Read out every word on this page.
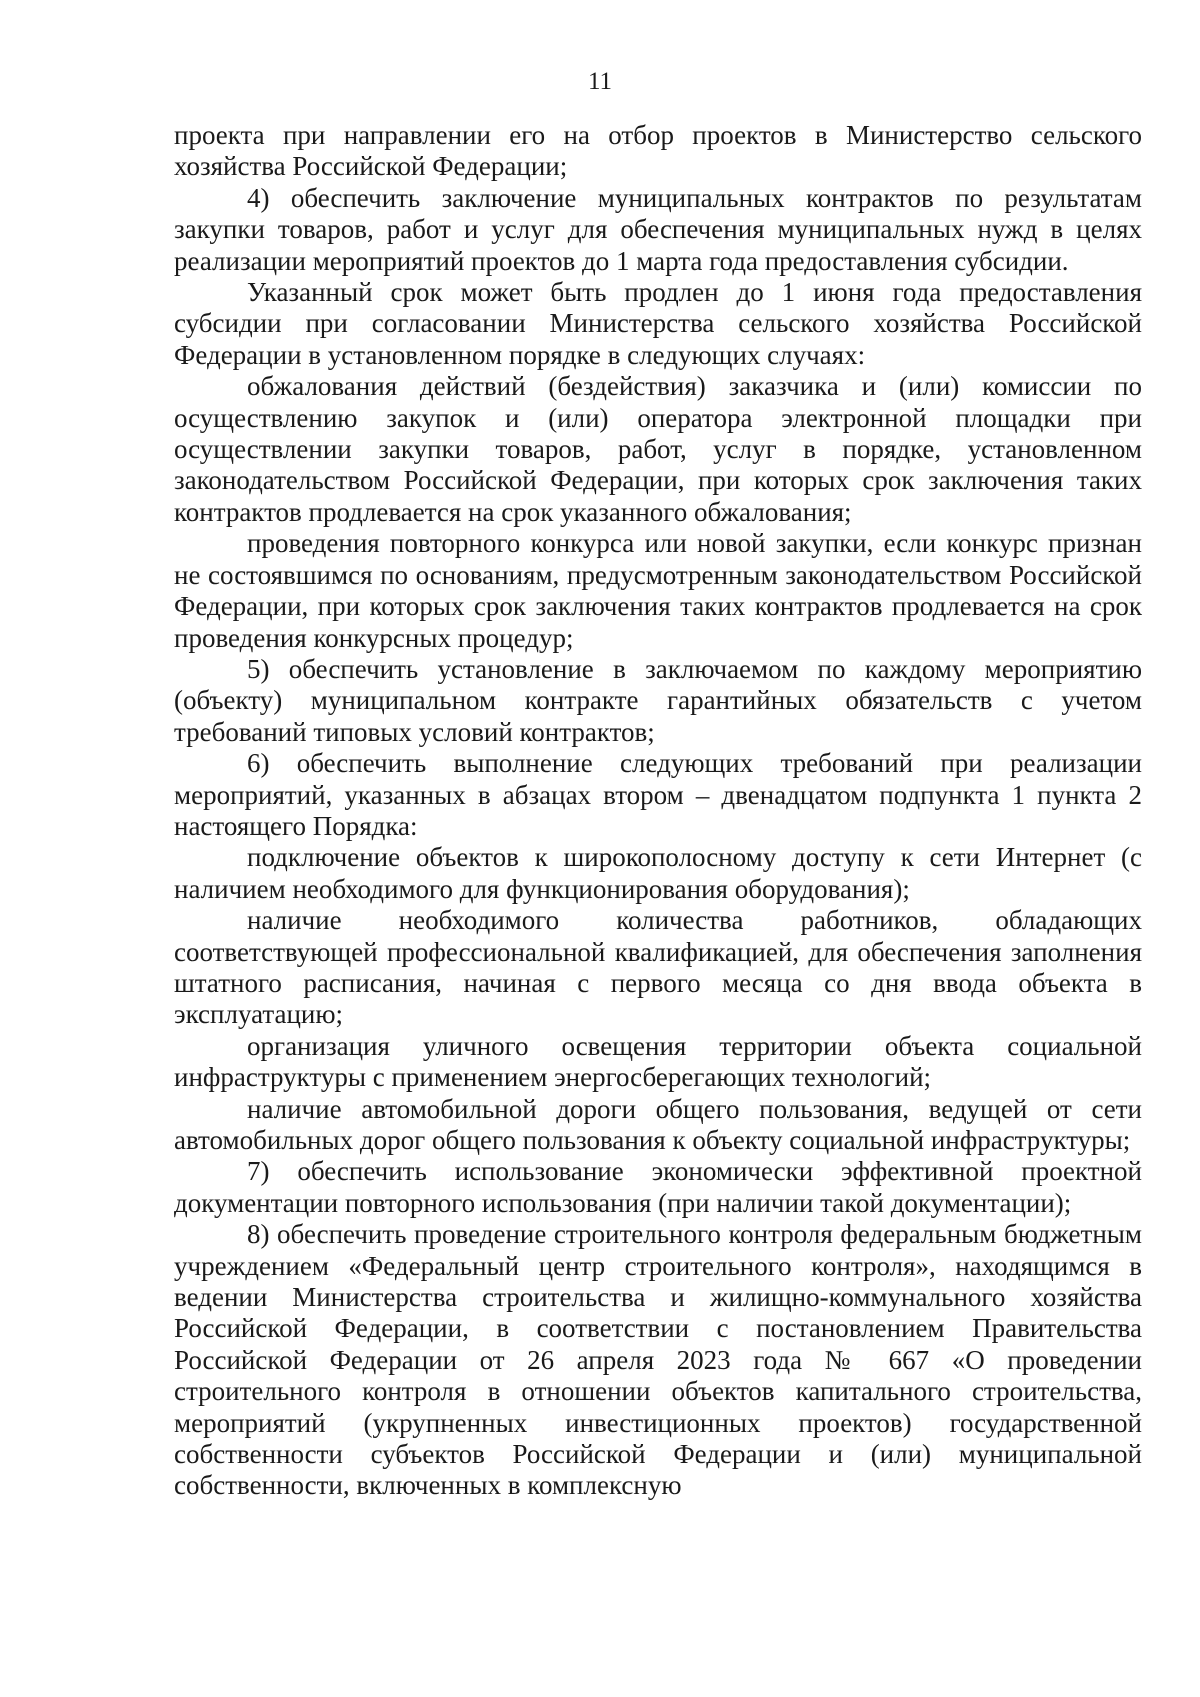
11

проекта при направлении его на отбор проектов в Министерство сельского хозяйства Российской Федерации;

4) обеспечить заключение муниципальных контрактов по результатам закупки товаров, работ и услуг для обеспечения муниципальных нужд в целях реализации мероприятий проектов до 1 марта года предоставления субсидии.

Указанный срок может быть продлен до 1 июня года предоставления субсидии при согласовании Министерства сельского хозяйства Российской Федерации в установленном порядке в следующих случаях:

обжалования действий (бездействия) заказчика и (или) комиссии по осуществлению закупок и (или) оператора электронной площадки при осуществлении закупки товаров, работ, услуг в порядке, установленном законодательством Российской Федерации, при которых срок заключения таких контрактов продлевается на срок указанного обжалования;

проведения повторного конкурса или новой закупки, если конкурс признан не состоявшимся по основаниям, предусмотренным законодательством Российской Федерации, при которых срок заключения таких контрактов продлевается на срок проведения конкурсных процедур;

5) обеспечить установление в заключаемом по каждому мероприятию (объекту) муниципальном контракте гарантийных обязательств с учетом требований типовых условий контрактов;

6) обеспечить выполнение следующих требований при реализации мероприятий, указанных в абзацах втором – двенадцатом подпункта 1 пункта 2 настоящего Порядка:

подключение объектов к широкополосному доступу к сети Интернет (с наличием необходимого для функционирования оборудования);

наличие необходимого количества работников, обладающих соответствующей профессиональной квалификацией, для обеспечения заполнения штатного расписания, начиная с первого месяца со дня ввода объекта в эксплуатацию;

организация уличного освещения территории объекта социальной инфраструктуры с применением энергосберегающих технологий;

наличие автомобильной дороги общего пользования, ведущей от сети автомобильных дорог общего пользования к объекту социальной инфраструктуры;

7) обеспечить использование экономически эффективной проектной документации повторного использования (при наличии такой документации);

8) обеспечить проведение строительного контроля федеральным бюджетным учреждением «Федеральный центр строительного контроля», находящимся в ведении Министерства строительства и жилищно-коммунального хозяйства Российской Федерации, в соответствии с постановлением Правительства Российской Федерации от 26 апреля 2023 года № 667 «О проведении строительного контроля в отношении объектов капитального строительства, мероприятий (укрупненных инвестиционных проектов) государственной собственности субъектов Российской Федерации и (или) муниципальной собственности, включенных в комплексную
